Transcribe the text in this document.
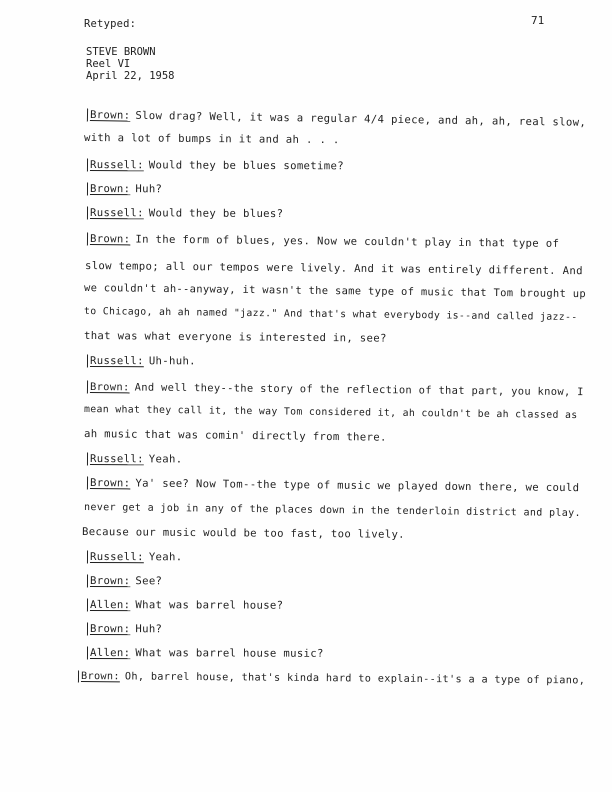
Retyped:	71
STEVE BROWN
Reel VI
April 22, 1958
Brown: Slow drag? Well, it was a regular 4/4 piece, and ah, ah, real slow,
with a lot of bumps in it and ah . . .
Russell: Would they be blues sometime?
Brown: Huh?
Russell: Would they be blues?
Brown: In the form of blues, yes. Now we couldn't play in that type of
slow tempo; all our tempos were lively. And it was entirely different. And
we couldn't ah--anyway, it wasn't the same type of music that Tom brought up
to Chicago, ah ah named "jazz." And that's what everybody is--and called jazz--
that was what everyone is interested in, see?
Russell: Uh-huh.
Brown: And well they--the story of the reflection of that part, you know, I
mean what they call it, the way Tom considered it, ah couldn't be ah classed as
ah music that was comin' directly from there.
Russell: Yeah.
Brown: Ya' see? Now Tom--the type of music we played down there, we could
never get a job in any of the places down in the tenderloin district and play.
Because our music would be too fast, too lively.
Russell: Yeah.
Brown: See?
Allen: What was barrel house?
Brown: Huh?
Allen: What was barrel house music?
Brown: Oh, barrel house, that's kinda hard to explain--it's a a type of piano,
